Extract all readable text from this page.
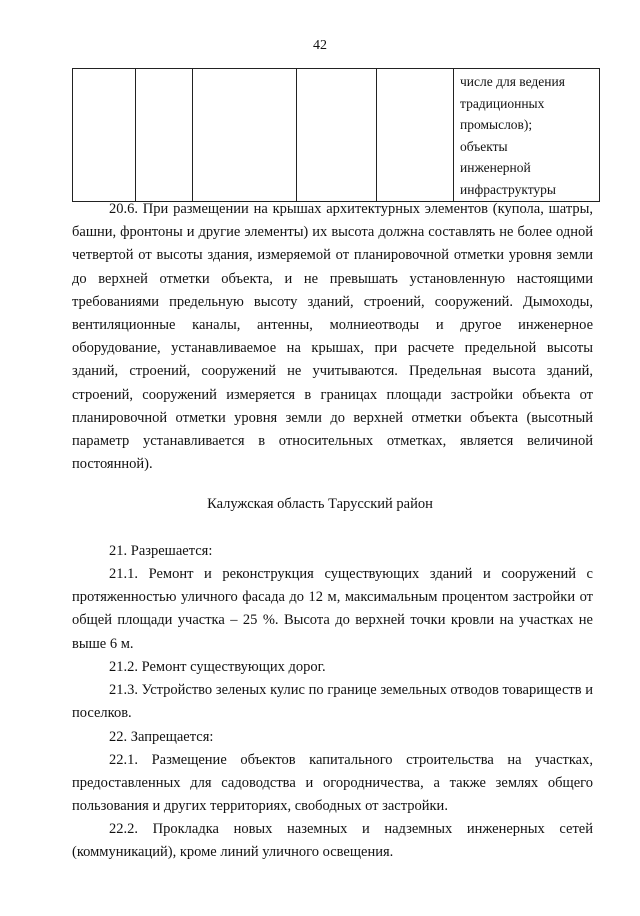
42

числе для ведения
традиционных
промыслов);
объекты
инженерной
инфраструктуры

20.6. При размещении на крышах архитектурных элементов (купола, шатры, башни, фронтоны и другие элементы) их высота должна составлять не более одной четвертой от высоты здания, измеряемой от планировочной отметки уровня земли до верхней отметки объекта, и не превышать установленную настоящими требованиями предельную высоту зданий, строений, сооружений. Дымоходы, вентиляционные каналы, антенны, молниеотводы и другое инженерное оборудование, устанавливаемое на крышах, при расчете предельной высоты зданий, строений, сооружений не учитываются. Предельная высота зданий, строений, сооружений измеряется в границах площади застройки объекта от планировочной отметки уровня земли до верхней отметки объекта (высотный параметр устанавливается в относительных отметках, является величиной постоянной).

Калужская область Тарусский район

21. Разрешается:

21.1. Ремонт и реконструкция существующих зданий и сооружений с протяженностью уличного фасада до 12 м, максимальным процентом застройки от общей площади участка – 25 %. Высота до верхней точки кровли на участках не выше 6 м.

21.2. Ремонт существующих дорог.

21.3. Устройство зеленых кулис по границе земельных отводов товариществ и поселков.

22. Запрещается:

22.1. Размещение объектов капитального строительства на участках, предоставленных для садоводства и огородничества, а также землях общего пользования и других территориях, свободных от застройки.

22.2. Прокладка новых наземных и надземных инженерных сетей (коммуникаций), кроме линий уличного освещения.
